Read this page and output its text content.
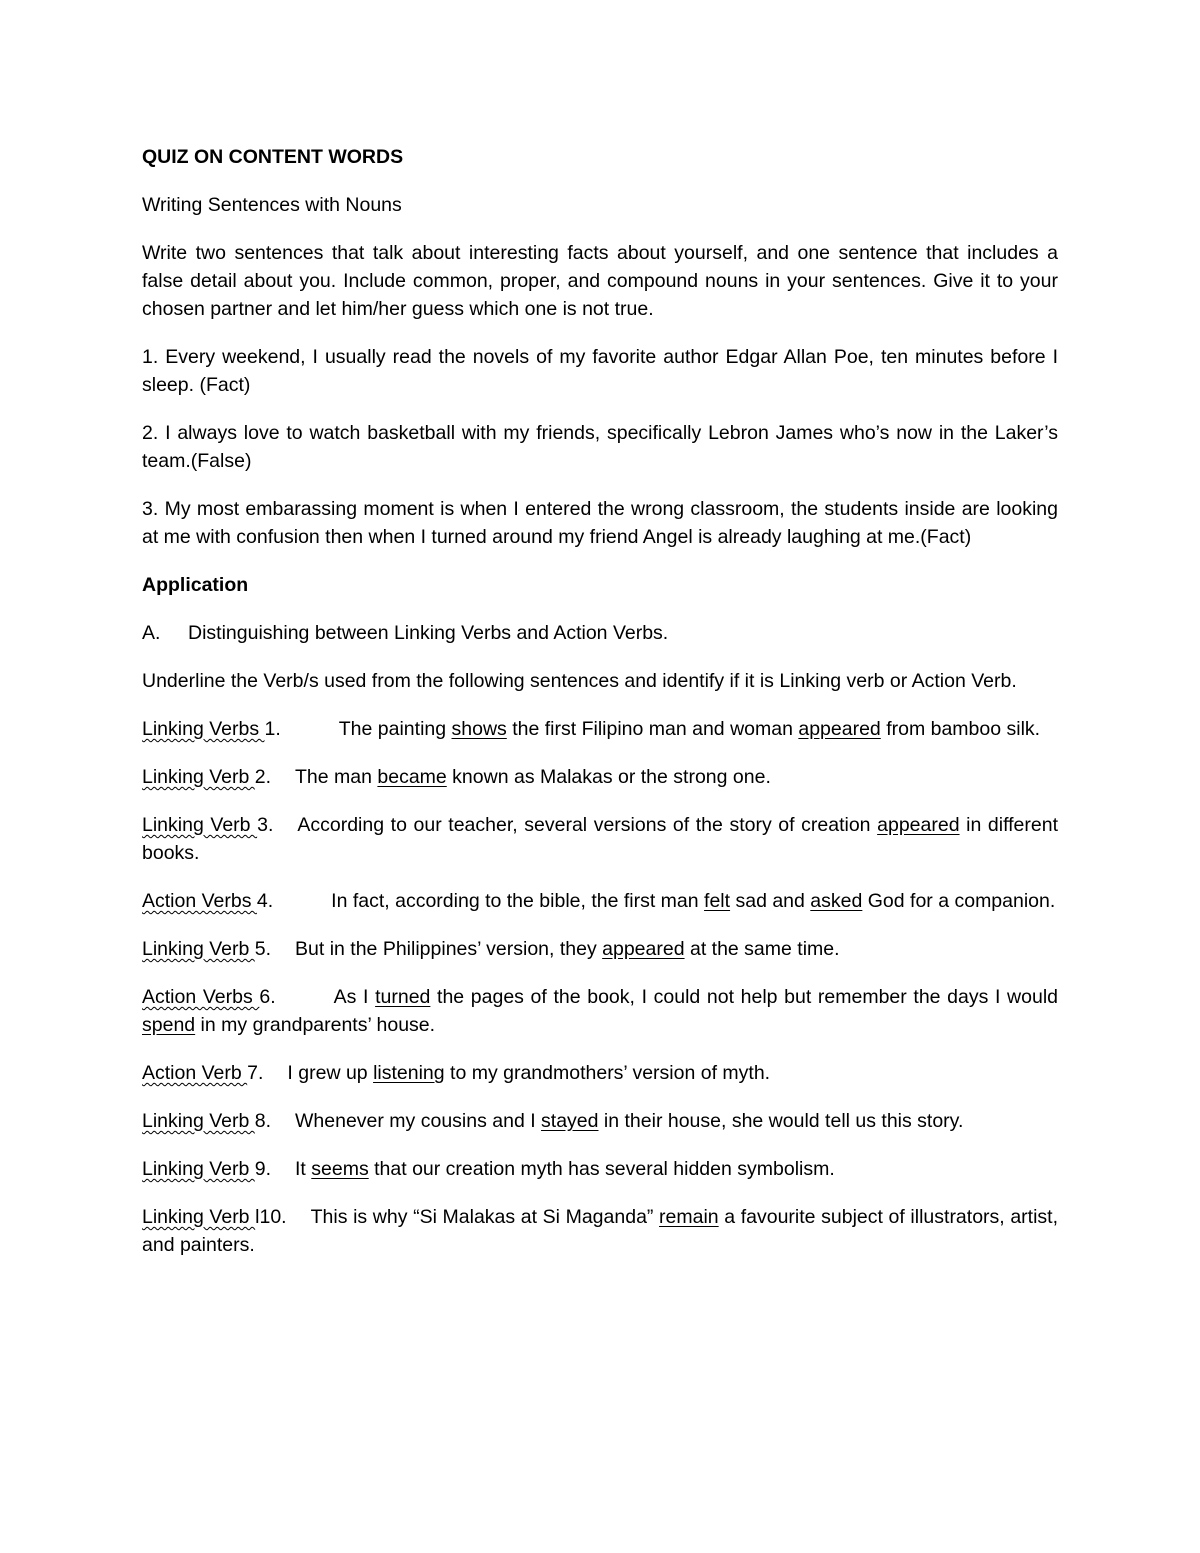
QUIZ ON CONTENT WORDS

Writing Sentences with Nouns

Write two sentences that talk about interesting facts about yourself, and one sentence that includes a false detail about you. Include common, proper, and compound nouns in your sentences. Give it to your chosen partner and let him/her guess which one is not true.

1. Every weekend, I usually read the novels of my favorite author Edgar Allan Poe, ten minutes before I sleep. (Fact)

2. I always love to watch basketball with my friends, specifically Lebron James who’s now in the Laker’s team.(False)

3. My most embarassing moment is when I entered the wrong classroom, the students inside are looking at me with confusion then when I turned around my friend Angel is already laughing at me.(Fact)

Application

A.	Distinguishing between Linking Verbs and Action Verbs.

Underline the Verb/s used from the following sentences and identify if it is Linking verb or Action Verb.

Linking Verbs 1.	The painting shows the first Filipino man and woman appeared from bamboo silk.

Linking Verb 2. The man became known as Malakas or the strong one.

Linking Verb 3. According to our teacher, several versions of the story of creation appeared in different books.

Action Verbs 4.	In fact, according to the bible, the first man felt sad and asked God for a companion.

Linking Verb 5. But in the Philippines’ version, they appeared at the same time.

Action Verbs 6.	As I turned the pages of the book, I could not help but remember the days I would spend in my grandparents’ house.

Action Verb 7. I grew up listening to my grandmothers’ version of myth.

Linking Verb 8. Whenever my cousins and I stayed in their house, she would tell us this story.

Linking Verb 9. It seems that our creation myth has several hidden symbolism.

Linking Verb l10. This is why “Si Malakas at Si Maganda” remain a favourite subject of illustrators, artist, and painters.
